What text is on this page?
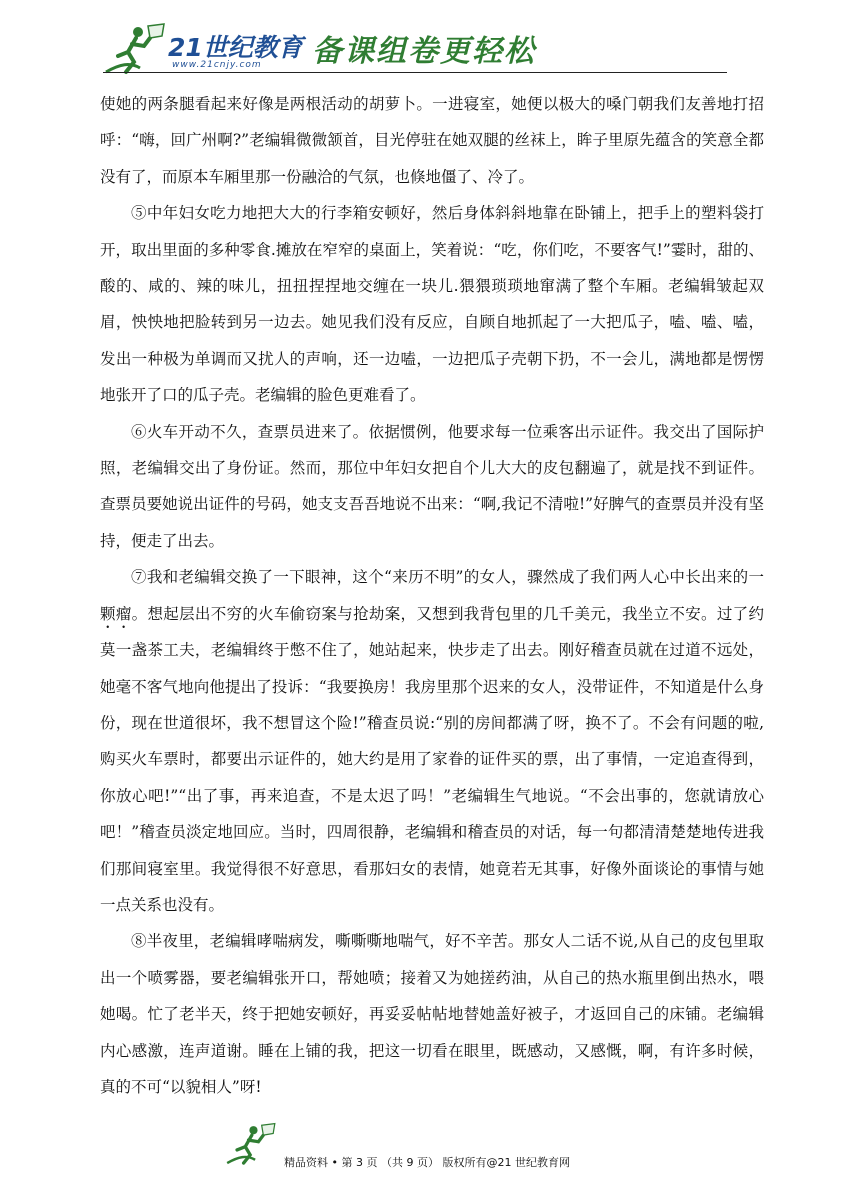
21世纪教育
www.21cnjy.com 备课组卷更轻松

使她的两条腿看起来好像是两根活动的胡萝卜。一进寝室，她便以极大的嗓门朝我们友善地打招呼：“嗨，回广州啊?”老编辑微微颔首，目光停驻在她双腿的丝袜上，眸子里原先蕴含的笑意全都没有了，而原本车厢里那一份融洽的气氛，也倏地僵了、冷了。

⑤中年妇女吃力地把大大的行李箱安顿好，然后身体斜斜地靠在卧铺上，把手上的塑料袋打开，取出里面的多种零食.摊放在窄窄的桌面上，笑着说：“吃，你们吃，不要客气!”霎时，甜的、酸的、咸的、辣的味儿，扭扭捏捏地交缠在一块儿.猥猥琐琐地窜满了整个车厢。老编辑皱起双眉，怏怏地把脸转到另一边去。她见我们没有反应，自顾自地抓起了一大把瓜子，嗑、嗑、嗑，发出一种极为单调而又扰人的声响，还一边嗑，一边把瓜子壳朝下扔，不一会儿，满地都是愣愣地张开了口的瓜子壳。老编辑的脸色更难看了。

⑥火车开动不久，查票员进来了。依据惯例，他要求每一位乘客出示证件。我交出了国际护照，老编辑交出了身份证。然而，那位中年妇女把自个儿大大的皮包翻遍了，就是找不到证件。查票员要她说出证件的号码，她支支吾吾地说不出来：“啊,我记不清啦!”好脾气的查票员并没有坚持，便走了出去。

⑦我和老编辑交换了一下眼神，这个“来历不明”的女人，骤然成了我们两人心中长出来的一颗瘤。想起层出不穷的火车偷窃案与抢劫案，又想到我背包里的几千美元，我坐立不安。过了约莫一盏茶工夫，老编辑终于憋不住了，她站起来，快步走了出去。刚好稽查员就在过道不远处，她毫不客气地向他提出了投诉：“我要换房！我房里那个迟来的女人，没带证件，不知道是什么身份，现在世道很坏，我不想冒这个险!”稽查员说:“别的房间都满了呀，换不了。不会有问题的啦,购买火车票时，都要出示证件的，她大约是用了家眷的证件买的票，出了事情，一定追查得到，你放心吧!”“出了事，再来追查，不是太迟了吗！”老编辑生气地说。“不会出事的，您就请放心吧！”稽查员淡定地回应。当时，四周很静，老编辑和稽查员的对话，每一句都清清楚楚地传进我们那间寝室里。我觉得很不好意思，看那妇女的表情，她竟若无其事，好像外面谈论的事情与她一点关系也没有。

⑧半夜里，老编辑哮喘病发，嘶嘶嘶地喘气，好不辛苦。那女人二话不说,从自己的皮包里取出一个喷雾器，要老编辑张开口，帮她喷；接着又为她搓药油，从自己的热水瓶里倒出热水，喂她喝。忙了老半天，终于把她安顿好，再妥妥帖帖地替她盖好被子，才返回自己的床铺。老编辑内心感激，连声道谢。睡在上铺的我，把这一切看在眼里，既感动，又感慨，啊，有许多时候，真的不可“以貌相人”呀!

精品资料 • 第 3 页 （共 9 页） 版权所有@21 世纪教育网
